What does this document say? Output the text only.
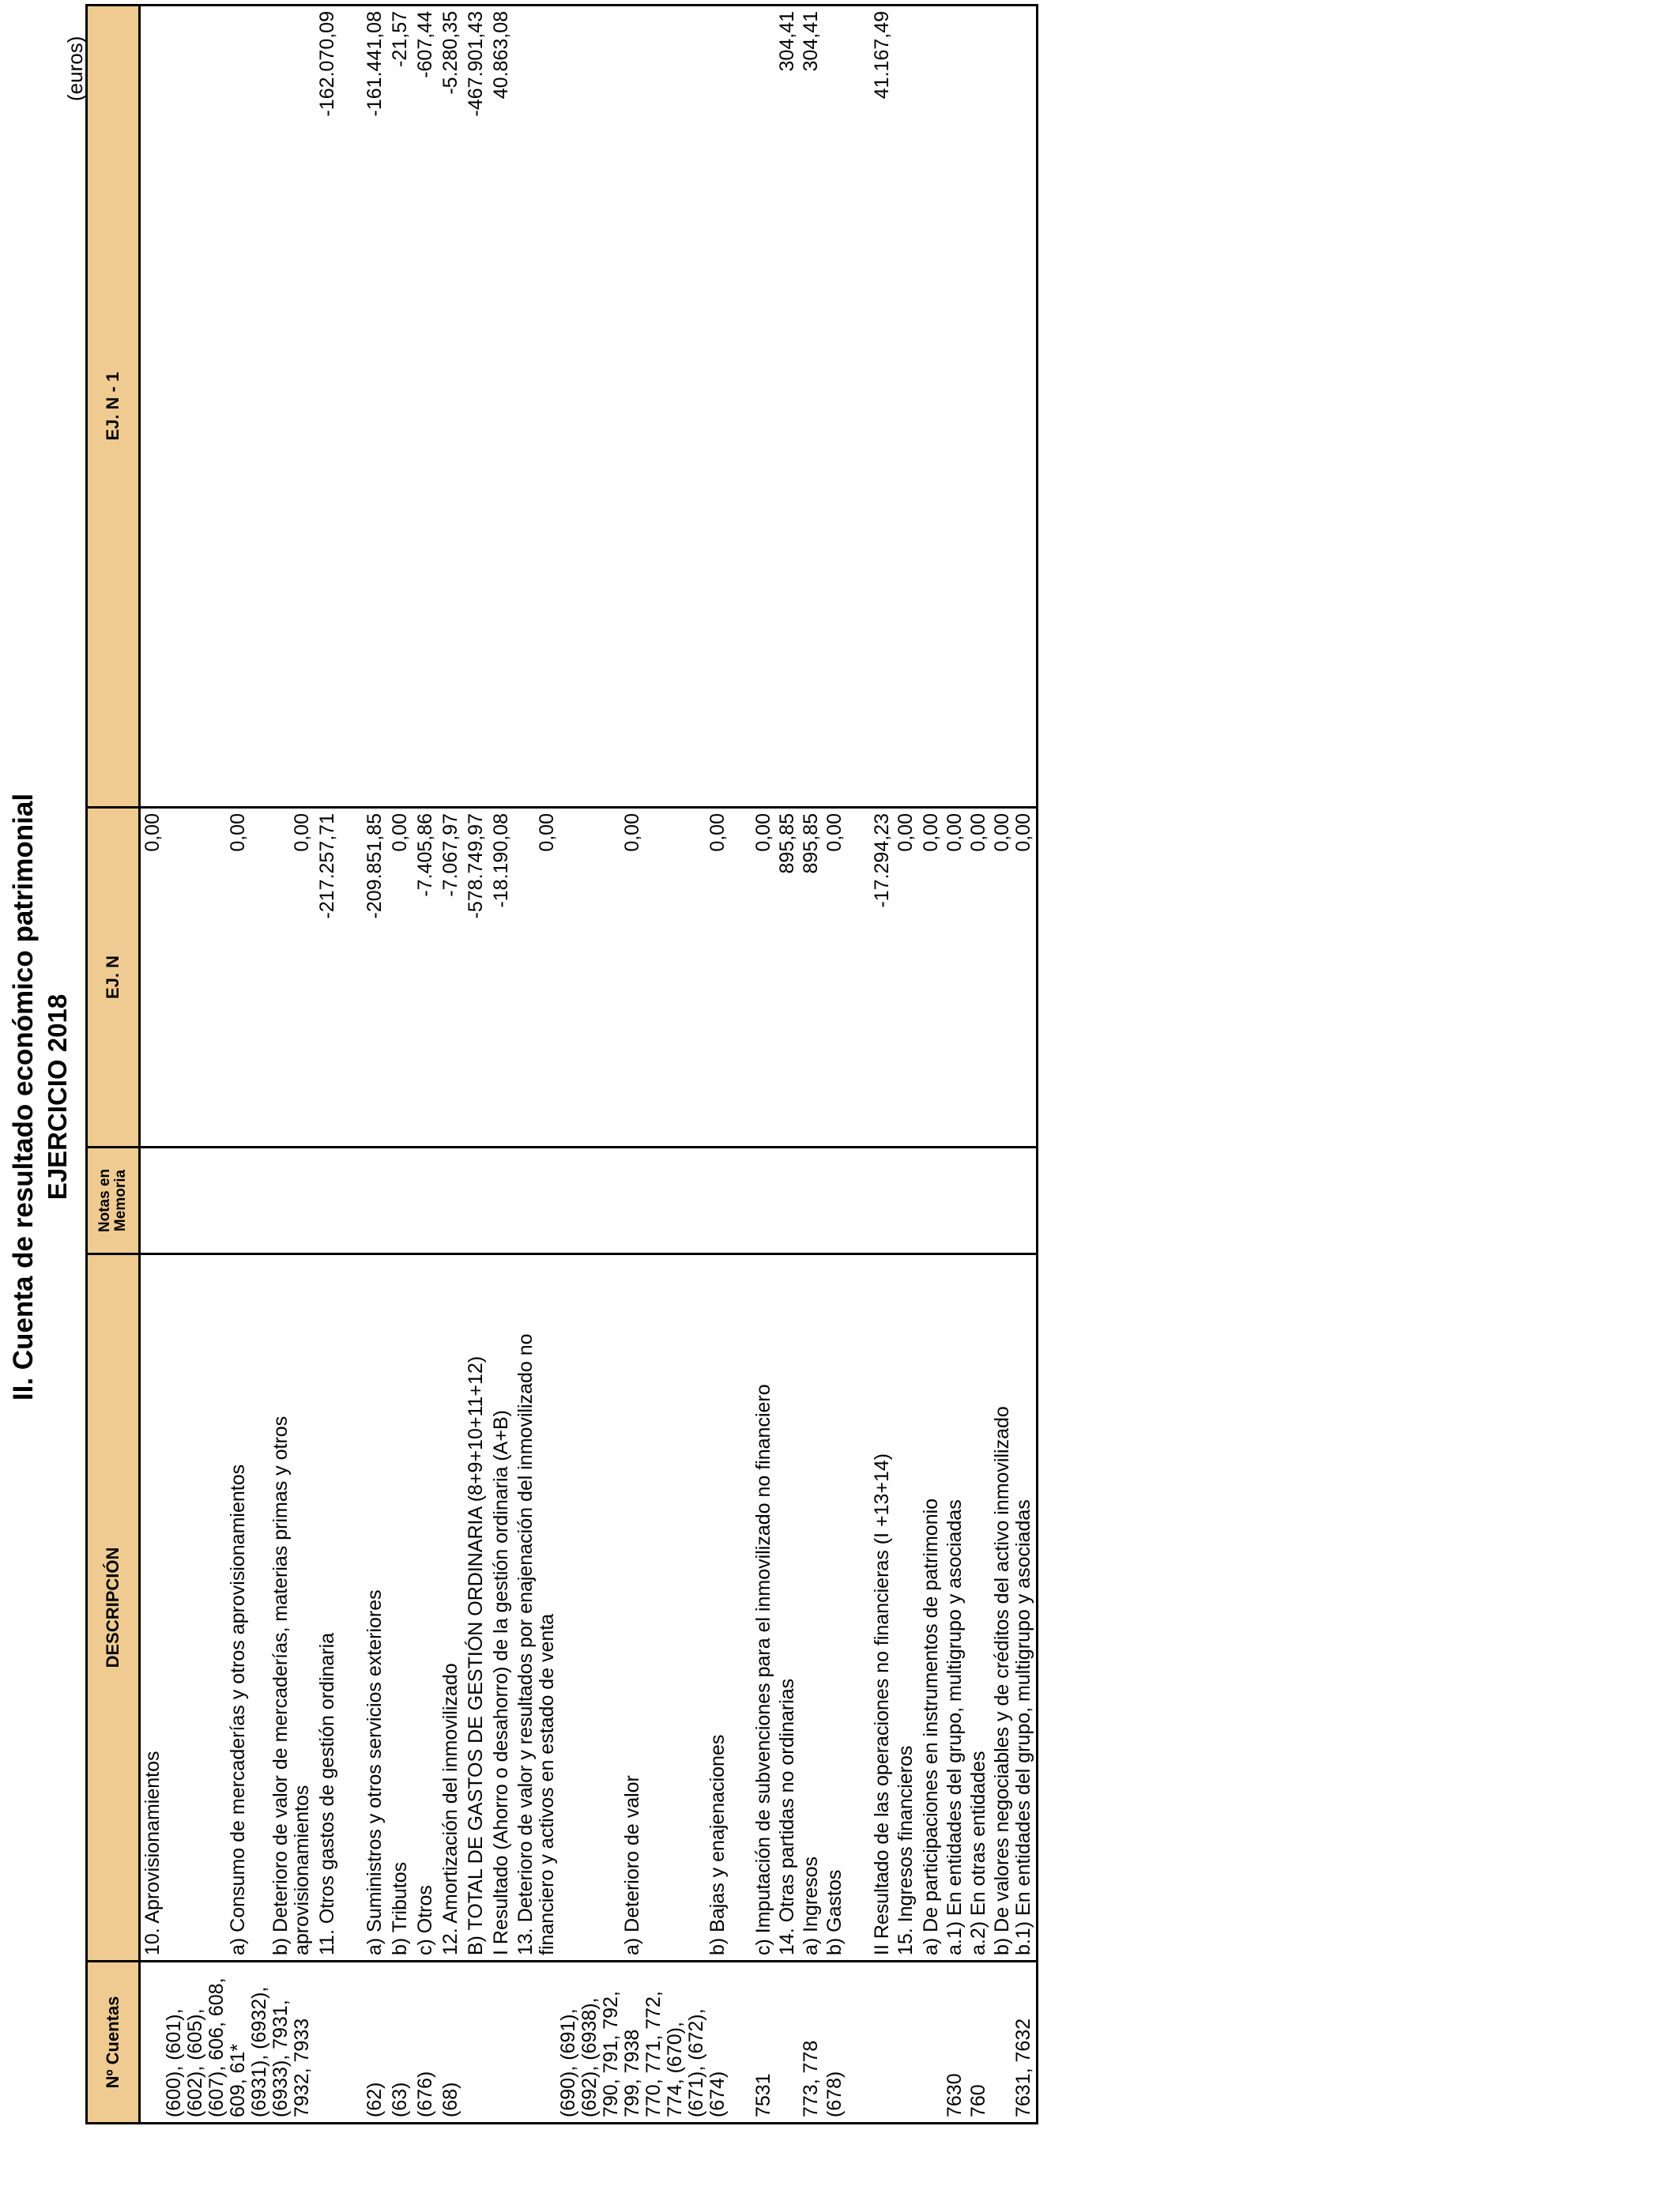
II. Cuenta de resultado económico patrimonial EJERCICIO 2018
(euros)
Nº Cuentas	DESCRIPCIÓN	Notas en Memoria	EJ. N	EJ. N - 1
	10. Aprovisionamientos		0,00	
(600), (601), (602), (605), (607), 606, 608, 609, 61*	a) Consumo de mercaderías y otros aprovisionamientos		0,00	
(6931), (6932), (6933), 7931, 7932, 7933	b) Deterioro de valor de mercaderías, materias primas y otros aprovisionamientos		0,00	
	11. Otros gastos de gestión ordinaria		-217.257,71	-162.070,09
(62)	a) Suministros y otros servicios exteriores		-209.851,85	-161.441,08
(63)	b) Tributos		0,00	-21,57
(676)	c) Otros		-7.405,86	-607,44
(68)	12. Amortización del inmovilizado		-7.067,97	-5.280,35
	B) TOTAL DE GASTOS DE GESTIÓN ORDINARIA (8+9+10+11+12)		-578.749,97	-467.901,43
	I Resultado (Ahorro o desahorro) de la gestión ordinaria (A+B)		-18.190,08	40.863,08
	13. Deterioro de valor y resultados por enajenación del inmovilizado no financiero y activos en estado de venta		0,00	
(690), (691), (692), (6938), 790, 791, 792, 799, 7938	a) Deterioro de valor		0,00	
770, 771, 772, 774, (670), (671), (672), (674)	b) Bajas y enajenaciones		0,00	
7531	c) Imputación de subvenciones para el inmovilizado no financiero		0,00	
	14. Otras partidas no ordinarias		895,85	304,41
773, 778	a) Ingresos		895,85	304,41
(678)	b) Gastos		0,00	
	II Resultado de las operaciones no financieras (I +13+14)		-17.294,23	41.167,49
	15. Ingresos financieros		0,00	
	a) De participaciones en instrumentos de patrimonio		0,00	
7630	a.1) En entidades del grupo, multigrupo y asociadas		0,00	
760	a.2) En otras entidades		0,00	
	b) De valores negociables y de créditos del activo inmovilizado		0,00	
7631, 7632	b.1) En entidades del grupo, multigrupo y asociadas		0,00	
